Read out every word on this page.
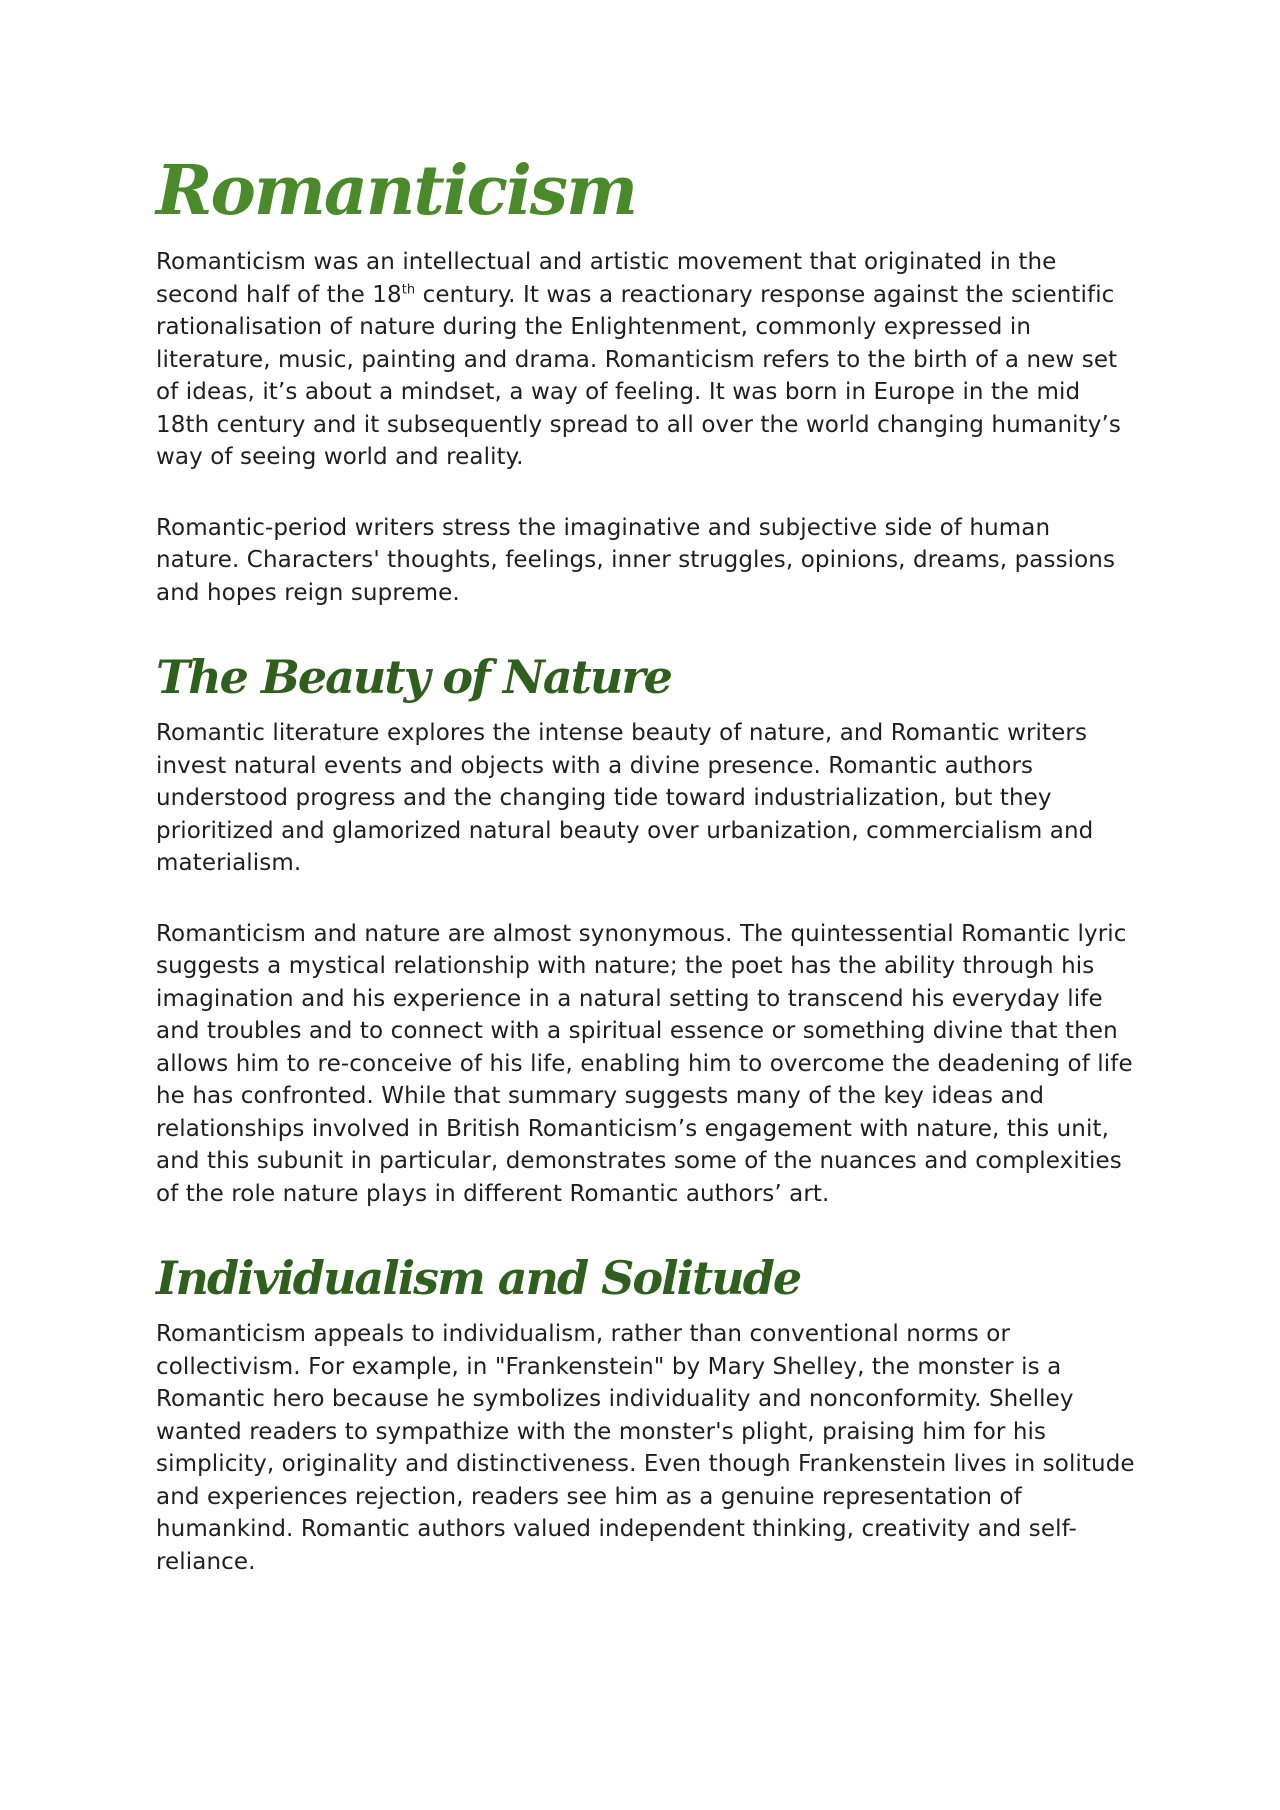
Romanticism

Romanticism was an intellectual and artistic movement that originated in the second half of the 18th century. It was a reactionary response against the scientific rationalisation of nature during the Enlightenment, commonly expressed in literature, music, painting and drama. Romanticism refers to the birth of a new set of ideas, it’s about a mindset, a way of feeling. It was born in Europe in the mid 18th century and it subsequently spread to all over the world changing humanity’s way of seeing world and reality.

Romantic-period writers stress the imaginative and subjective side of human nature. Characters' thoughts, feelings, inner struggles, opinions, dreams, passions and hopes reign supreme.

The Beauty of Nature

Romantic literature explores the intense beauty of nature, and Romantic writers invest natural events and objects with a divine presence. Romantic authors understood progress and the changing tide toward industrialization, but they prioritized and glamorized natural beauty over urbanization, commercialism and materialism.

Romanticism and nature are almost synonymous. The quintessential Romantic lyric suggests a mystical relationship with nature; the poet has the ability through his imagination and his experience in a natural setting to transcend his everyday life and troubles and to connect with a spiritual essence or something divine that then allows him to re-conceive of his life, enabling him to overcome the deadening of life he has confronted. While that summary suggests many of the key ideas and relationships involved in British Romanticism’s engagement with nature, this unit, and this subunit in particular, demonstrates some of the nuances and complexities of the role nature plays in different Romantic authors’ art.

Individualism and Solitude

Romanticism appeals to individualism, rather than conventional norms or collectivism. For example, in "Frankenstein" by Mary Shelley, the monster is a Romantic hero because he symbolizes individuality and nonconformity. Shelley wanted readers to sympathize with the monster's plight, praising him for his simplicity, originality and distinctiveness. Even though Frankenstein lives in solitude and experiences rejection, readers see him as a genuine representation of humankind. Romantic authors valued independent thinking, creativity and self-reliance.
